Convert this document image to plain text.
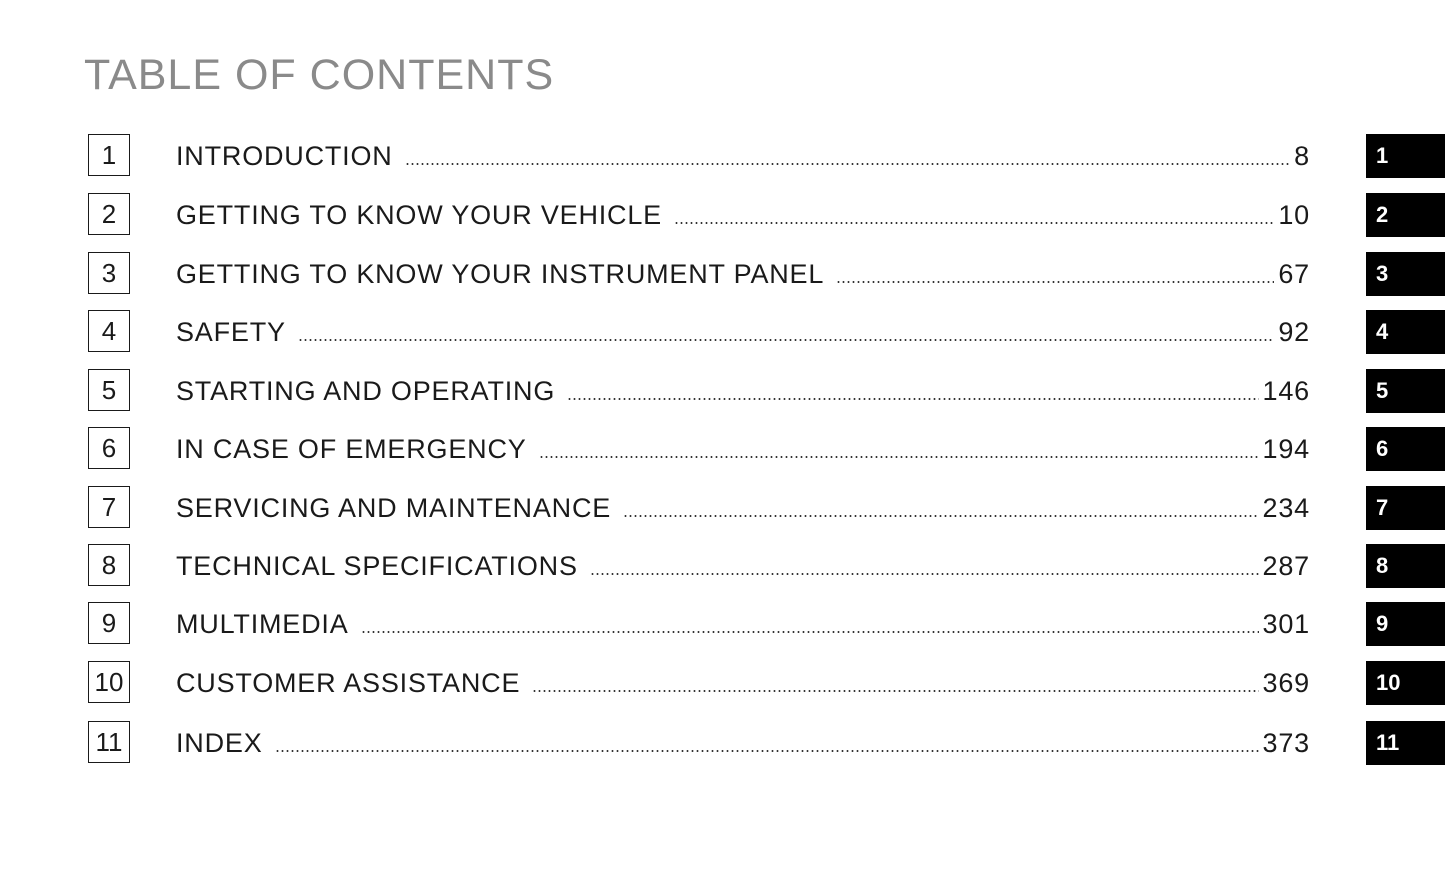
TABLE OF CONTENTS
1	INTRODUCTION	8	1
2	GETTING TO KNOW YOUR VEHICLE	10	2
3	GETTING TO KNOW YOUR INSTRUMENT PANEL	67	3
4	SAFETY	92	4
5	STARTING AND OPERATING	146	5
6	IN CASE OF EMERGENCY	194	6
7	SERVICING AND MAINTENANCE	234	7
8	TECHNICAL SPECIFICATIONS	287	8
9	MULTIMEDIA	301	9
10 CUSTOMER ASSISTANCE	369	10
11 INDEX	373	11
